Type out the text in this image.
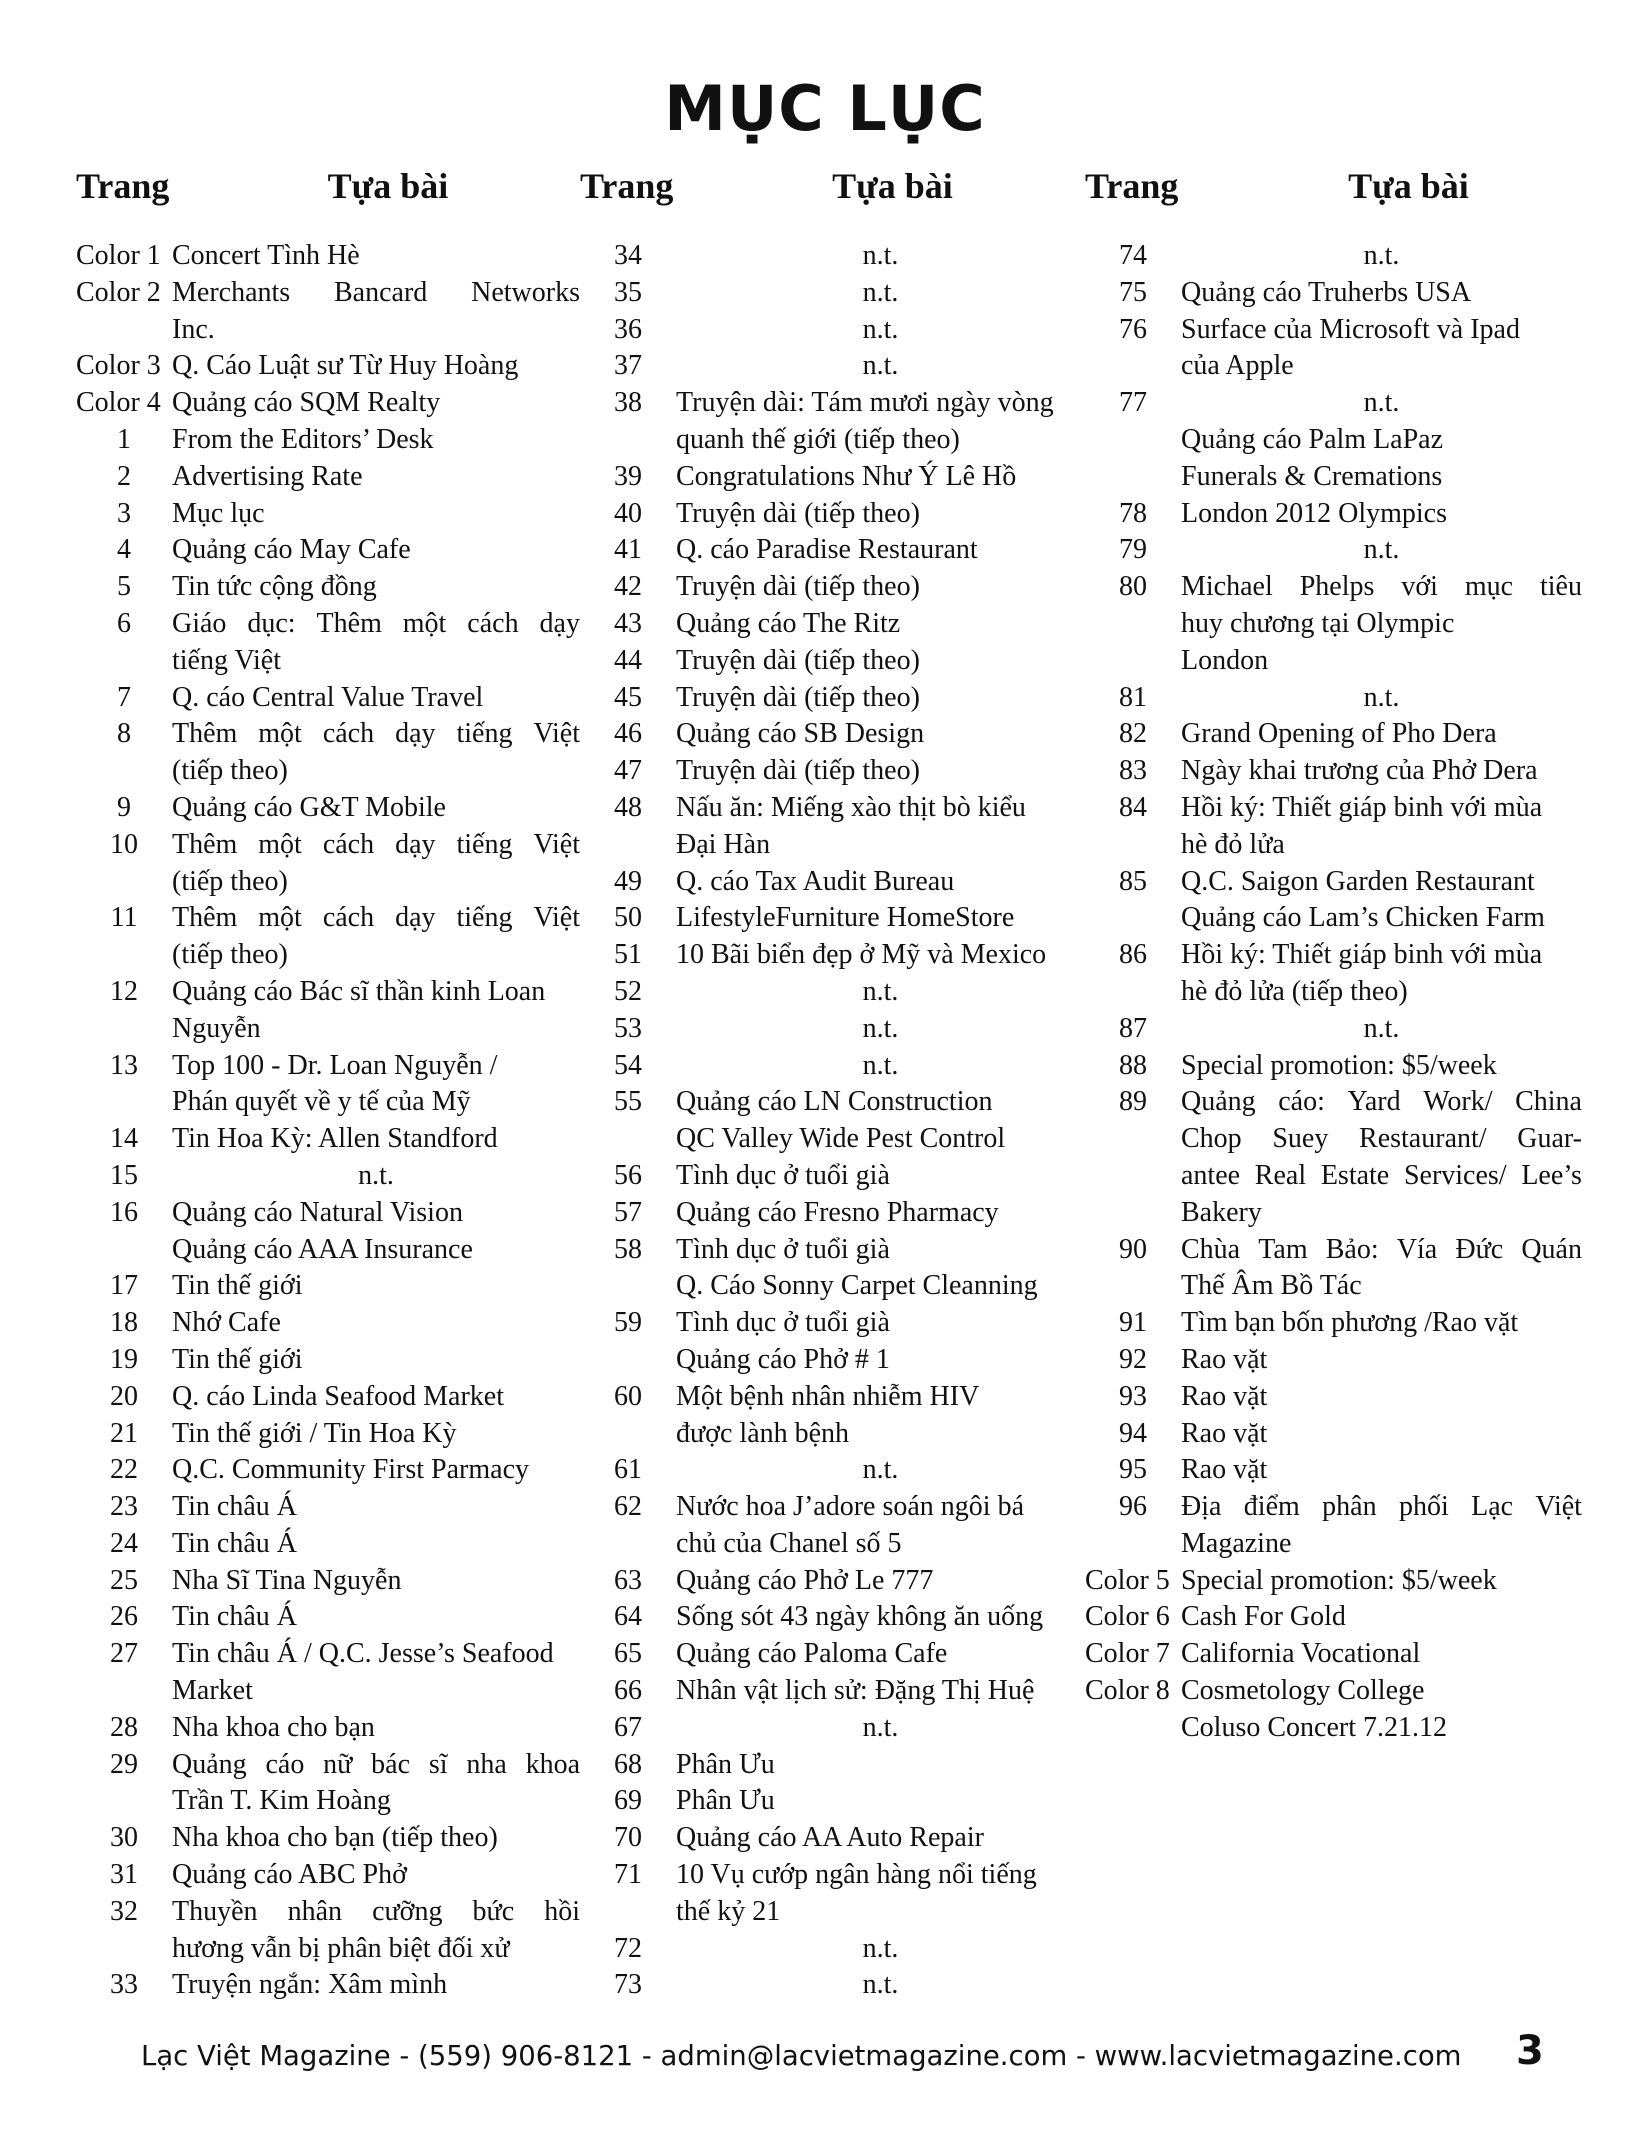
MỤC LỤC
Trang	Tựa bài
Color 1 Concert Tình Hè
Color 2 Merchants Bancard Networks
Inc.
Color 3 Q. Cáo Luật sư Từ Huy Hoàng
Color 4 Quảng cáo SQM Realty
1	From the Editors’ Desk
2	Advertising Rate
3	Mục lục
4	Quảng cáo May Cafe
5	Tin tức cộng đồng
6	Giáo dục: Thêm một cách dạy
tiếng Việt
7	Q. cáo Central Value Travel
8	Thêm một cách dạy tiếng Việt
(tiếp theo)
9	Quảng cáo G&T Mobile
10	Thêm một cách dạy tiếng Việt
(tiếp theo)
11	Thêm một cách dạy tiếng Việt
(tiếp theo)
12	Quảng cáo Bác sĩ thần kinh Loan
Nguyễn
13	Top 100 - Dr. Loan Nguyễn /
Phán quyết về y tế của Mỹ
14	Tin Hoa Kỳ: Allen Standford
15	n.t.
16	Quảng cáo Natural Vision
Quảng cáo AAA Insurance
17	Tin thế giới
18	Nhớ Cafe
19	Tin thế giới
20	Q. cáo Linda Seafood Market
21	Tin thế giới / Tin Hoa Kỳ
22	Q.C. Community First Parmacy
23	Tin châu Á
24	Tin châu Á
25	Nha Sĩ Tina Nguyễn
26	Tin châu Á
27	Tin châu Á / Q.C. Jesse’s Seafood
Market
28	Nha khoa cho bạn
29	Quảng cáo nữ bác sĩ nha khoa
Trần T. Kim Hoàng
30	Nha khoa cho bạn (tiếp theo)
31	Quảng cáo ABC Phở
32	Thuyền nhân cưỡng bức hồi
hương vẫn bị phân biệt đối xử
33	Truyện ngắn: Xâm mình
Trang	Tựa bài
34	n.t.
35	n.t.
36	n.t.
37	n.t.
38	Truyện dài: Tám mươi ngày vòng
quanh thế giới (tiếp theo)
39	Congratulations Như Ý Lê Hồ
40	Truyện dài (tiếp theo)
41	Q. cáo Paradise Restaurant
42	Truyện dài (tiếp theo)
43	Quảng cáo The Ritz
44	Truyện dài (tiếp theo)
45	Truyện dài (tiếp theo)
46	Quảng cáo SB Design
47	Truyện dài (tiếp theo)
48	Nấu ăn: Miếng xào thịt bò kiểu
Đại Hàn
49	Q. cáo Tax Audit Bureau
50	LifestyleFurniture HomeStore
51	10 Bãi biển đẹp ở Mỹ và Mexico
52	n.t.
53	n.t.
54	n.t.
55	Quảng cáo LN Construction
QC Valley Wide Pest Control
56	Tình dục ở tuổi già
57	Quảng cáo Fresno Pharmacy
58	Tình dục ở tuổi già
Q. Cáo Sonny Carpet Cleanning
59	Tình dục ở tuổi già
Quảng cáo Phở # 1
60	Một bệnh nhân nhiễm HIV
được lành bệnh
61	n.t.
62	Nước hoa J’adore soán ngôi bá
chủ của Chanel số 5
63	Quảng cáo Phở Le 777
64	Sống sót 43 ngày không ăn uống
65	Quảng cáo Paloma Cafe
66	Nhân vật lịch sử: Đặng Thị Huệ
67	n.t.
68	Phân Ưu
69	Phân Ưu
70	Quảng cáo AA Auto Repair
71	10 Vụ cướp ngân hàng nổi tiếng
thế kỷ 21
72	n.t.
73	n.t.
Trang	Tựa bài
74	n.t.
75	Quảng cáo Truherbs USA
76	Surface của Microsoft và Ipad
của Apple
77	n.t.
Quảng cáo Palm LaPaz
Funerals & Cremations
78	London 2012 Olympics
79	n.t.
80	Michael Phelps với mục tiêu
huy chương tại Olympic
London
81	n.t.
82	Grand Opening of Pho Dera
83	Ngày khai trương của Phở Dera
84	Hồi ký: Thiết giáp binh với mùa
hè đỏ lửa
85	Q.C. Saigon Garden Restaurant
Quảng cáo Lam’s Chicken Farm
86	Hồi ký: Thiết giáp binh với mùa
hè đỏ lửa (tiếp theo)
87	n.t.
88	Special promotion: $5/week
89	Quảng cáo: Yard Work/ China
Chop Suey Restaurant/ Guar-
antee Real Estate Services/ Lee’s
Bakery
90	Chùa Tam Bảo: Vía Đức Quán
Thế Âm Bồ Tác
91	Tìm bạn bốn phương /Rao vặt
92	Rao vặt
93	Rao vặt
94	Rao vặt
95	Rao vặt
96	Địa điểm phân phối Lạc Việt
Magazine
Color 5 Special promotion: $5/week
Color 6 Cash For Gold
Color 7 California Vocational
Color 8 Cosmetology College
Coluso Concert 7.21.12
Lạc Việt Magazine - (559) 906-8121 - admin@lacvietmagazine.com - www.lacvietmagazine.com 3
